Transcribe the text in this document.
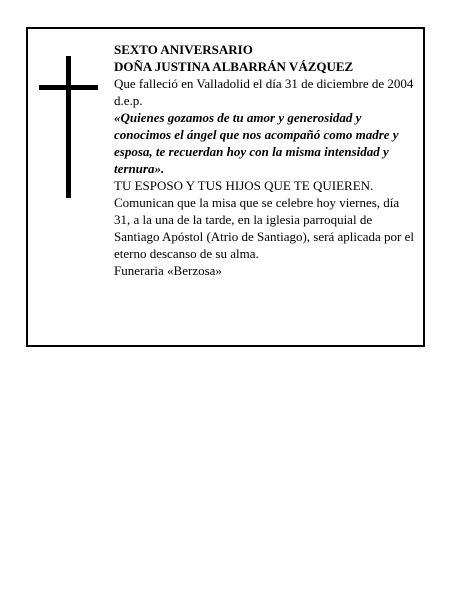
SEXTO ANIVERSARIO
DOÑA JUSTINA ALBARRÁN VÁZQUEZ
Que falleció en Valladolid el día 31 de diciembre de 2004
d.e.p.
«Quienes gozamos de tu amor y generosidad y conocimos el ángel que nos acompañó como madre y esposa, te recuerdan hoy con la misma intensidad y ternura».
TU ESPOSO Y TUS HIJOS QUE TE QUIEREN.
Comunican que la misa que se celebre hoy viernes, día 31, a la una de la tarde, en la iglesia parroquial de Santiago Apóstol (Atrio de Santiago), será aplicada por el eterno descanso de su alma.
Funeraria «Berzosa»
